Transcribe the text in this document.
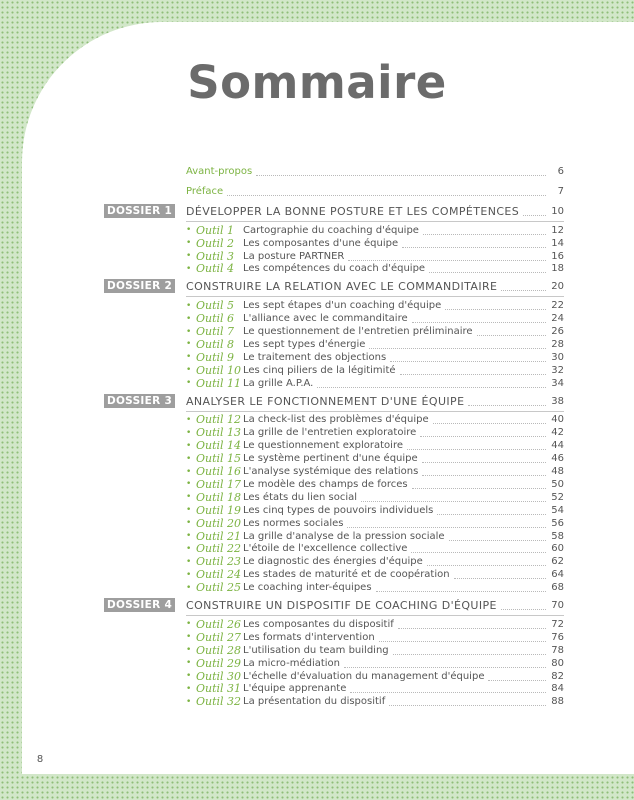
Sommaire
Avant-propos	6
Préface	7
DOSSIER 1 DÉVELOPPER LA BONNE POSTURE ET LES COMPÉTENCES	10
• Outil 1 Cartographie du coaching d'équipe	12
• Outil 2 Les composantes d'une équipe	14
• Outil 3 La posture PARTNER	16
• Outil 4 Les compétences du coach d'équipe	18
DOSSIER 2 CONSTRUIRE LA RELATION AVEC LE COMMANDITAIRE	20
• Outil 5 Les sept étapes d'un coaching d'équipe	22
• Outil 6 L'alliance avec le commanditaire	24
• Outil 7 Le questionnement de l'entretien préliminaire	26
• Outil 8 Les sept types d'énergie	28
• Outil 9 Le traitement des objections	30
• Outil 10 Les cinq piliers de la légitimité	32
• Outil 11 La grille A.P.A.	34
DOSSIER 3 ANALYSER LE FONCTIONNEMENT D'UNE ÉQUIPE	38
• Outil 12 La check-list des problèmes d'équipe	40
• Outil 13 La grille de l'entretien exploratoire	42
• Outil 14 Le questionnement exploratoire	44
• Outil 15 Le système pertinent d'une équipe	46
• Outil 16 L'analyse systémique des relations	48
• Outil 17 Le modèle des champs de forces	50
• Outil 18 Les états du lien social	52
• Outil 19 Les cinq types de pouvoirs individuels	54
• Outil 20 Les normes sociales	56
• Outil 21 La grille d'analyse de la pression sociale	58
• Outil 22 L'étoile de l'excellence collective	60
• Outil 23 Le diagnostic des énergies d'équipe	62
• Outil 24 Les stades de maturité et de coopération	64
• Outil 25 Le coaching inter-équipes	68
DOSSIER 4 CONSTRUIRE UN DISPOSITIF DE COACHING D'ÉQUIPE	70
• Outil 26 Les composantes du dispositif	72
• Outil 27 Les formats d'intervention	76
• Outil 28 L'utilisation du team building	78
• Outil 29 La micro-médiation	80
• Outil 30 L'échelle d'évaluation du management d'équipe	82
• Outil 31 L'équipe apprenante	84
• Outil 32 La présentation du dispositif	88
8
